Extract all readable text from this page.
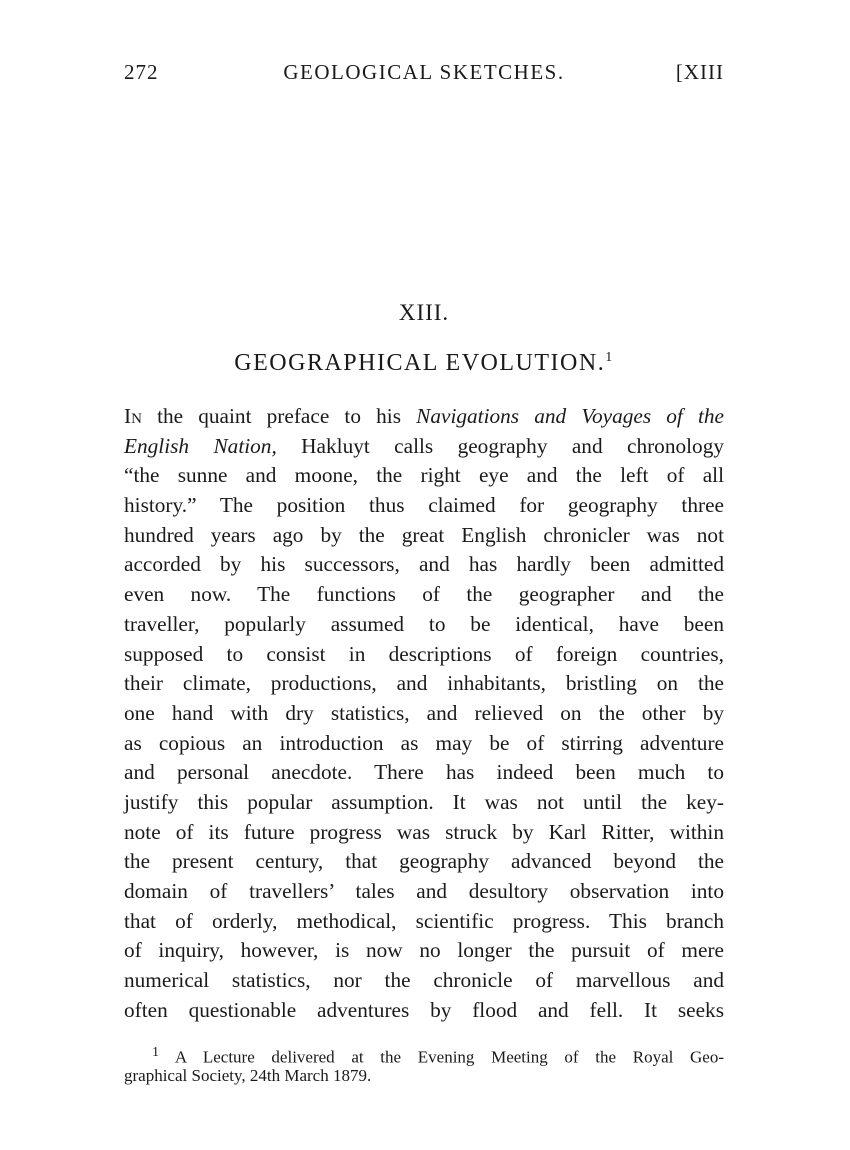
272	GEOLOGICAL SKETCHES.	[XIII
XIII.
GEOGRAPHICAL EVOLUTION.$^1$
In the quaint preface to his Navigations and Voyages of the
English Nation, Hakluyt calls geography and chronology
“the sunne and moone, the right eye and the left of all
history.” The position thus claimed for geography three
hundred years ago by the great English chronicler was not
accorded by his successors, and has hardly been admitted
even now. The functions of the geographer and the
traveller, popularly assumed to be identical, have been
supposed to consist in descriptions of foreign countries,
their climate, productions, and inhabitants, bristling on the
one hand with dry statistics, and relieved on the other by
as copious an introduction as may be of stirring adventure
and personal anecdote. There has indeed been much to
justify this popular assumption. It was not until the key-
note of its future progress was struck by Karl Ritter, within
the present century, that geography advanced beyond the
domain of travellers’ tales and desultory observation into
that of orderly, methodical, scientific progress. This branch
of inquiry, however, is now no longer the pursuit of mere
numerical statistics, nor the chronicle of marvellous and
often questionable adventures by flood and fell. It seeks
$^1$ A Lecture delivered at the Evening Meeting of the Royal Geo-
graphical Society, 24th March 1879.
